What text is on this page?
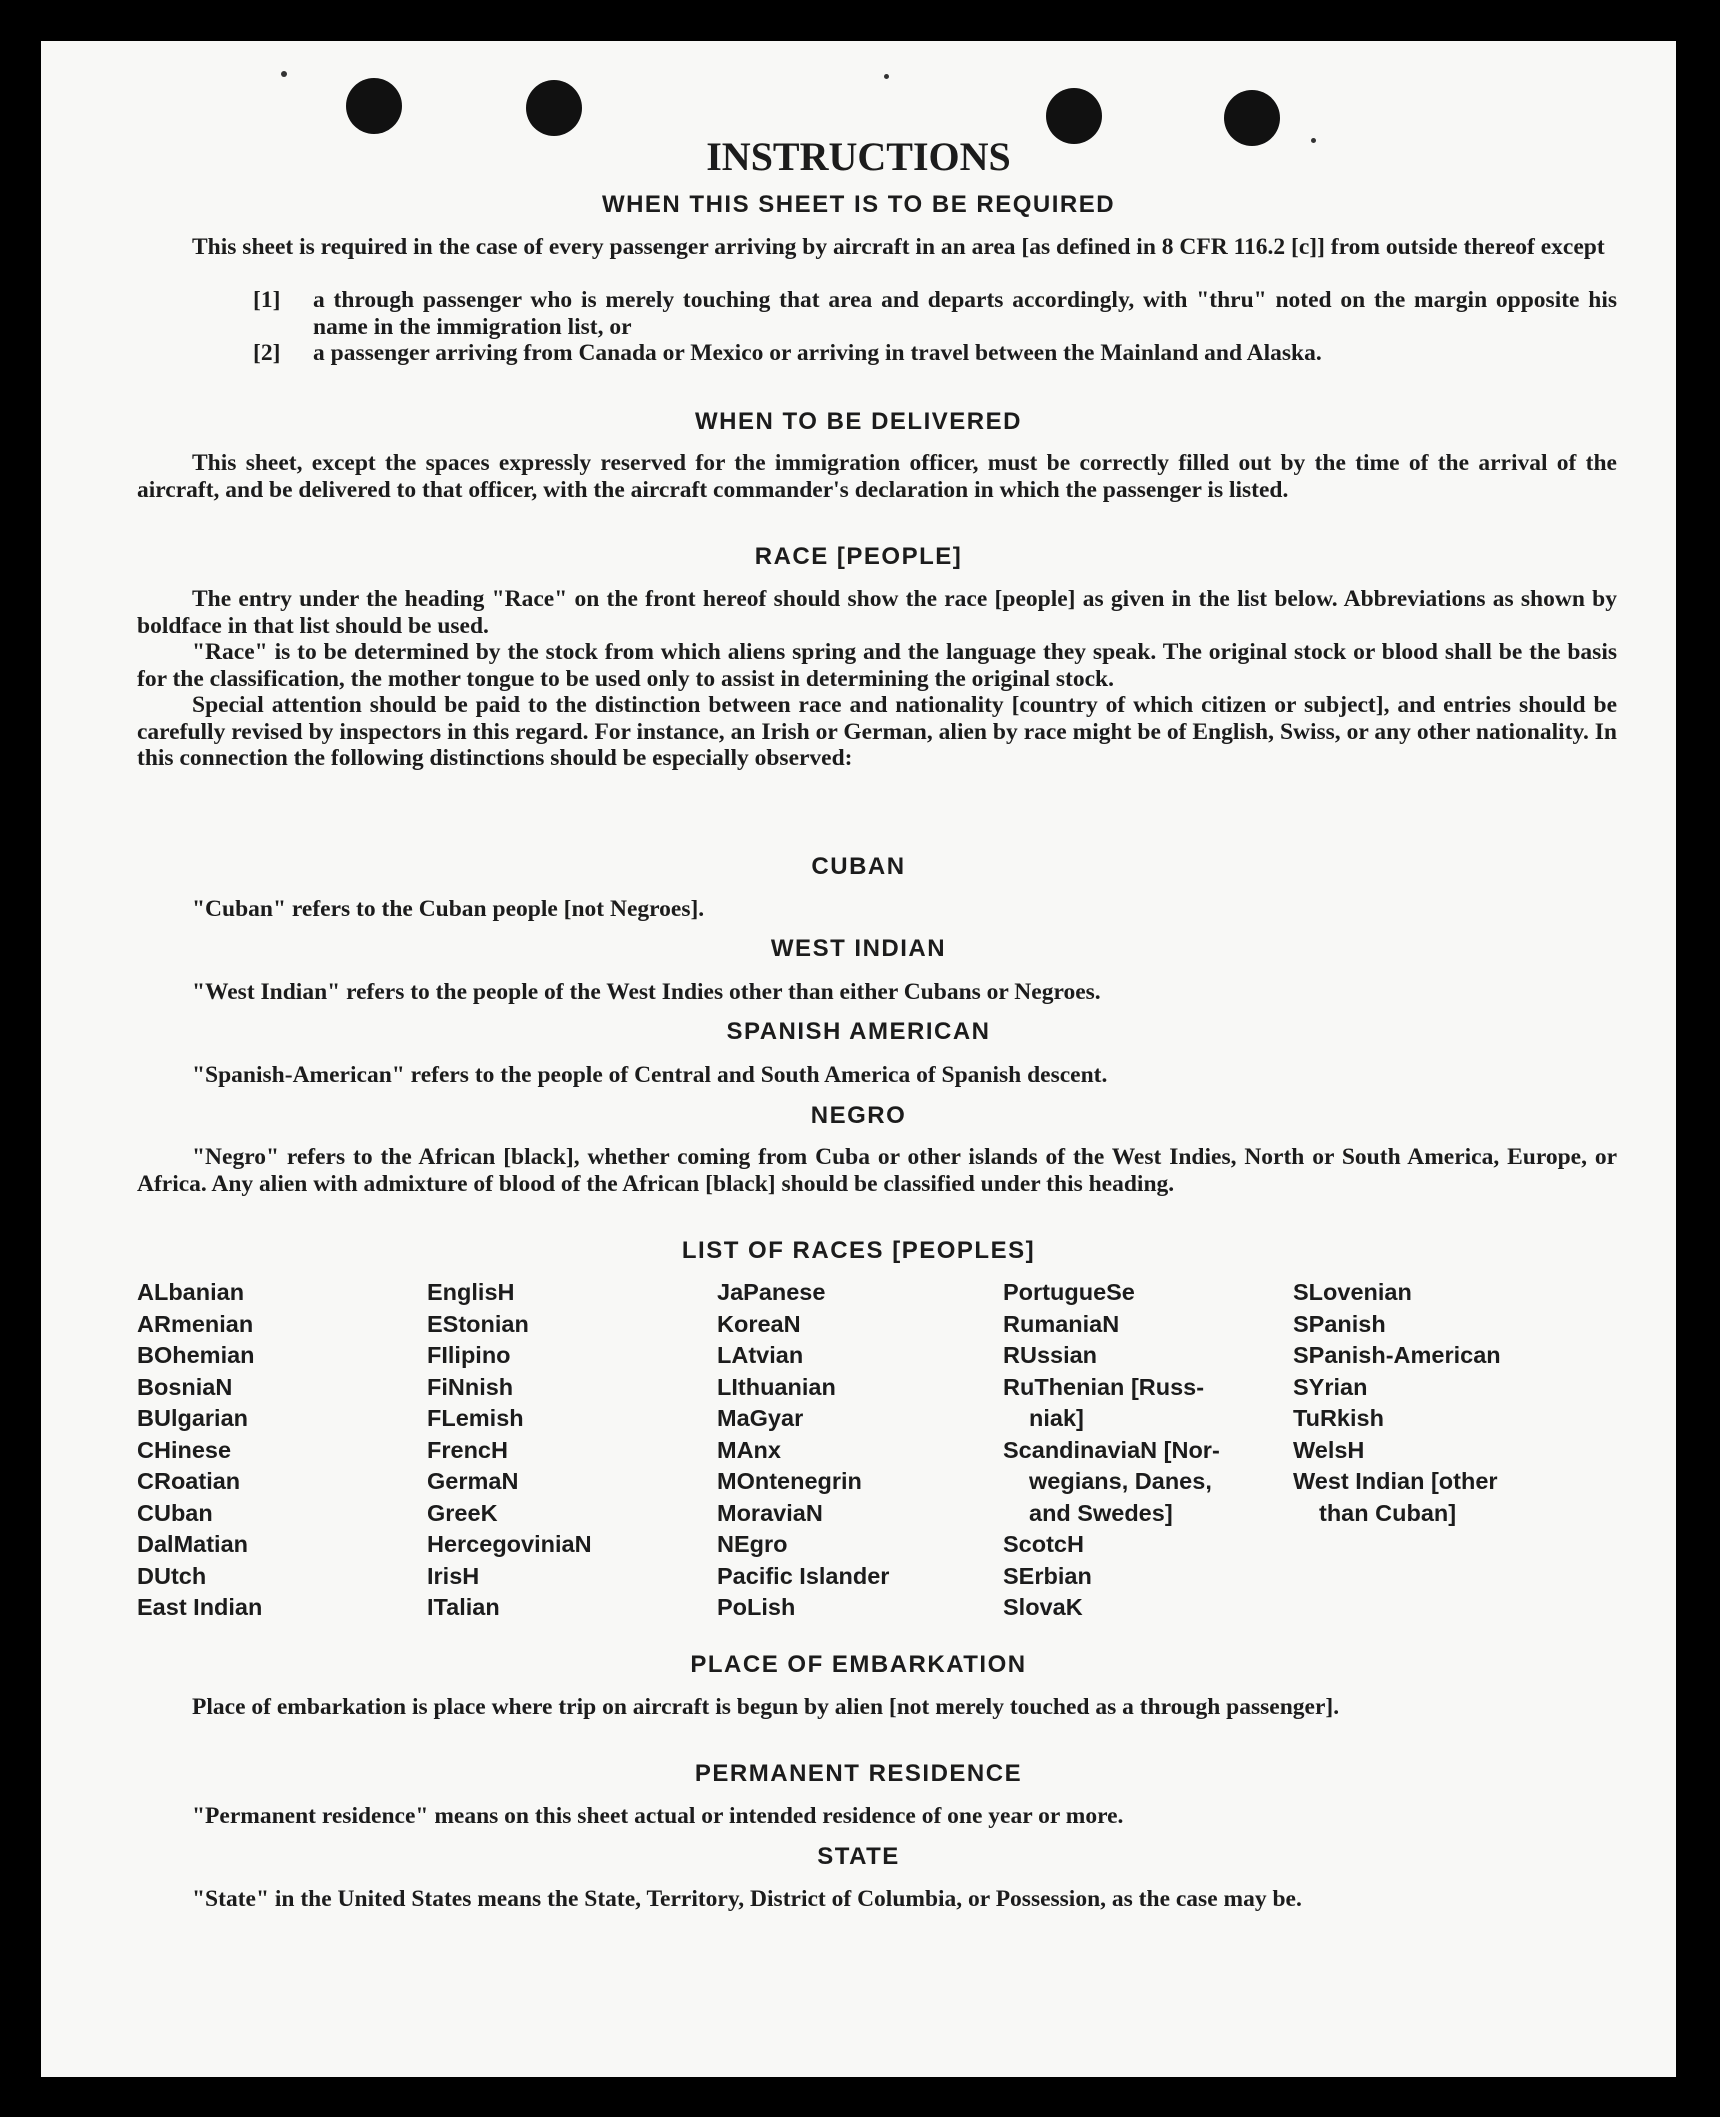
INSTRUCTIONS
WHEN THIS SHEET IS TO BE REQUIRED

This sheet is required in the case of every passenger arriving by aircraft in an area [as defined in 8 CFR 116.2 [c]] from outside thereof except

[1]	a through passenger who is merely touching that area and departs accordingly, with "thru" noted on the margin opposite his name in the immigration list, or
[2]	a passenger arriving from Canada or Mexico or arriving in travel between the Mainland and Alaska.
WHEN TO BE DELIVERED

This sheet, except the spaces expressly reserved for the immigration officer, must be correctly filled out by the time of the arrival of the aircraft, and be delivered to that officer, with the aircraft commander's declaration in which the passenger is listed.

RACE [PEOPLE]

The entry under the heading "Race" on the front hereof should show the race [people] as given in the list below. Abbreviations as shown by boldface in that list should be used.

"Race" is to be determined by the stock from which aliens spring and the language they speak. The original stock or blood shall be the basis for the classification, the mother tongue to be used only to assist in determining the original stock.

Special attention should be paid to the distinction between race and nationality [country of which citizen or subject], and entries should be carefully revised by inspectors in this regard. For instance, an Irish or German, alien by race might be of English, Swiss, or any other nationality. In this connection the following distinctions should be especially observed:

CUBAN

"Cuban" refers to the Cuban people [not Negroes].

WEST INDIAN

"West Indian" refers to the people of the West Indies other than either Cubans or Negroes.

SPANISH AMERICAN

"Spanish-American" refers to the people of Central and South America of Spanish descent.

NEGRO

"Negro" refers to the African [black], whether coming from Cuba or other islands of the West Indies, North or South America, Europe, or Africa. Any alien with admixture of blood of the African [black] should be classified under this heading.

LIST OF RACES [PEOPLES]
ALbanian
ARmenian
BOhemian
BosniaN
BUlgarian
CHinese
CRoatian
CUban
DalMatian
DUtch
East Indian
EnglisH
EStonian
FIlipino
FiNnish
FLemish
FrencH
GermaN
GreeK
HercegoviniaN
IrisH
ITalian
JaPanese
KoreaN
LAtvian
LIthuanian
MaGyar
MAnx
MOntenegrin
MoraviaN
NEgro
Pacific Islander
PoLish
PortugueSe
RumaniaN
RUssian
RuThenian [Russ-
niak]
ScandinaviaN [Nor-
wegians, Danes,
and Swedes]
ScotcH
SErbian
SlovaK
SLovenian
SPanish
SPanish-American
SYrian
TuRkish
WelsH
West Indian [other
than Cuban]
PLACE OF EMBARKATION

Place of embarkation is place where trip on aircraft is begun by alien [not merely touched as a through passenger].

PERMANENT RESIDENCE

"Permanent residence" means on this sheet actual or intended residence of one year or more.

STATE

"State" in the United States means the State, Territory, District of Columbia, or Possession, as the case may be.
